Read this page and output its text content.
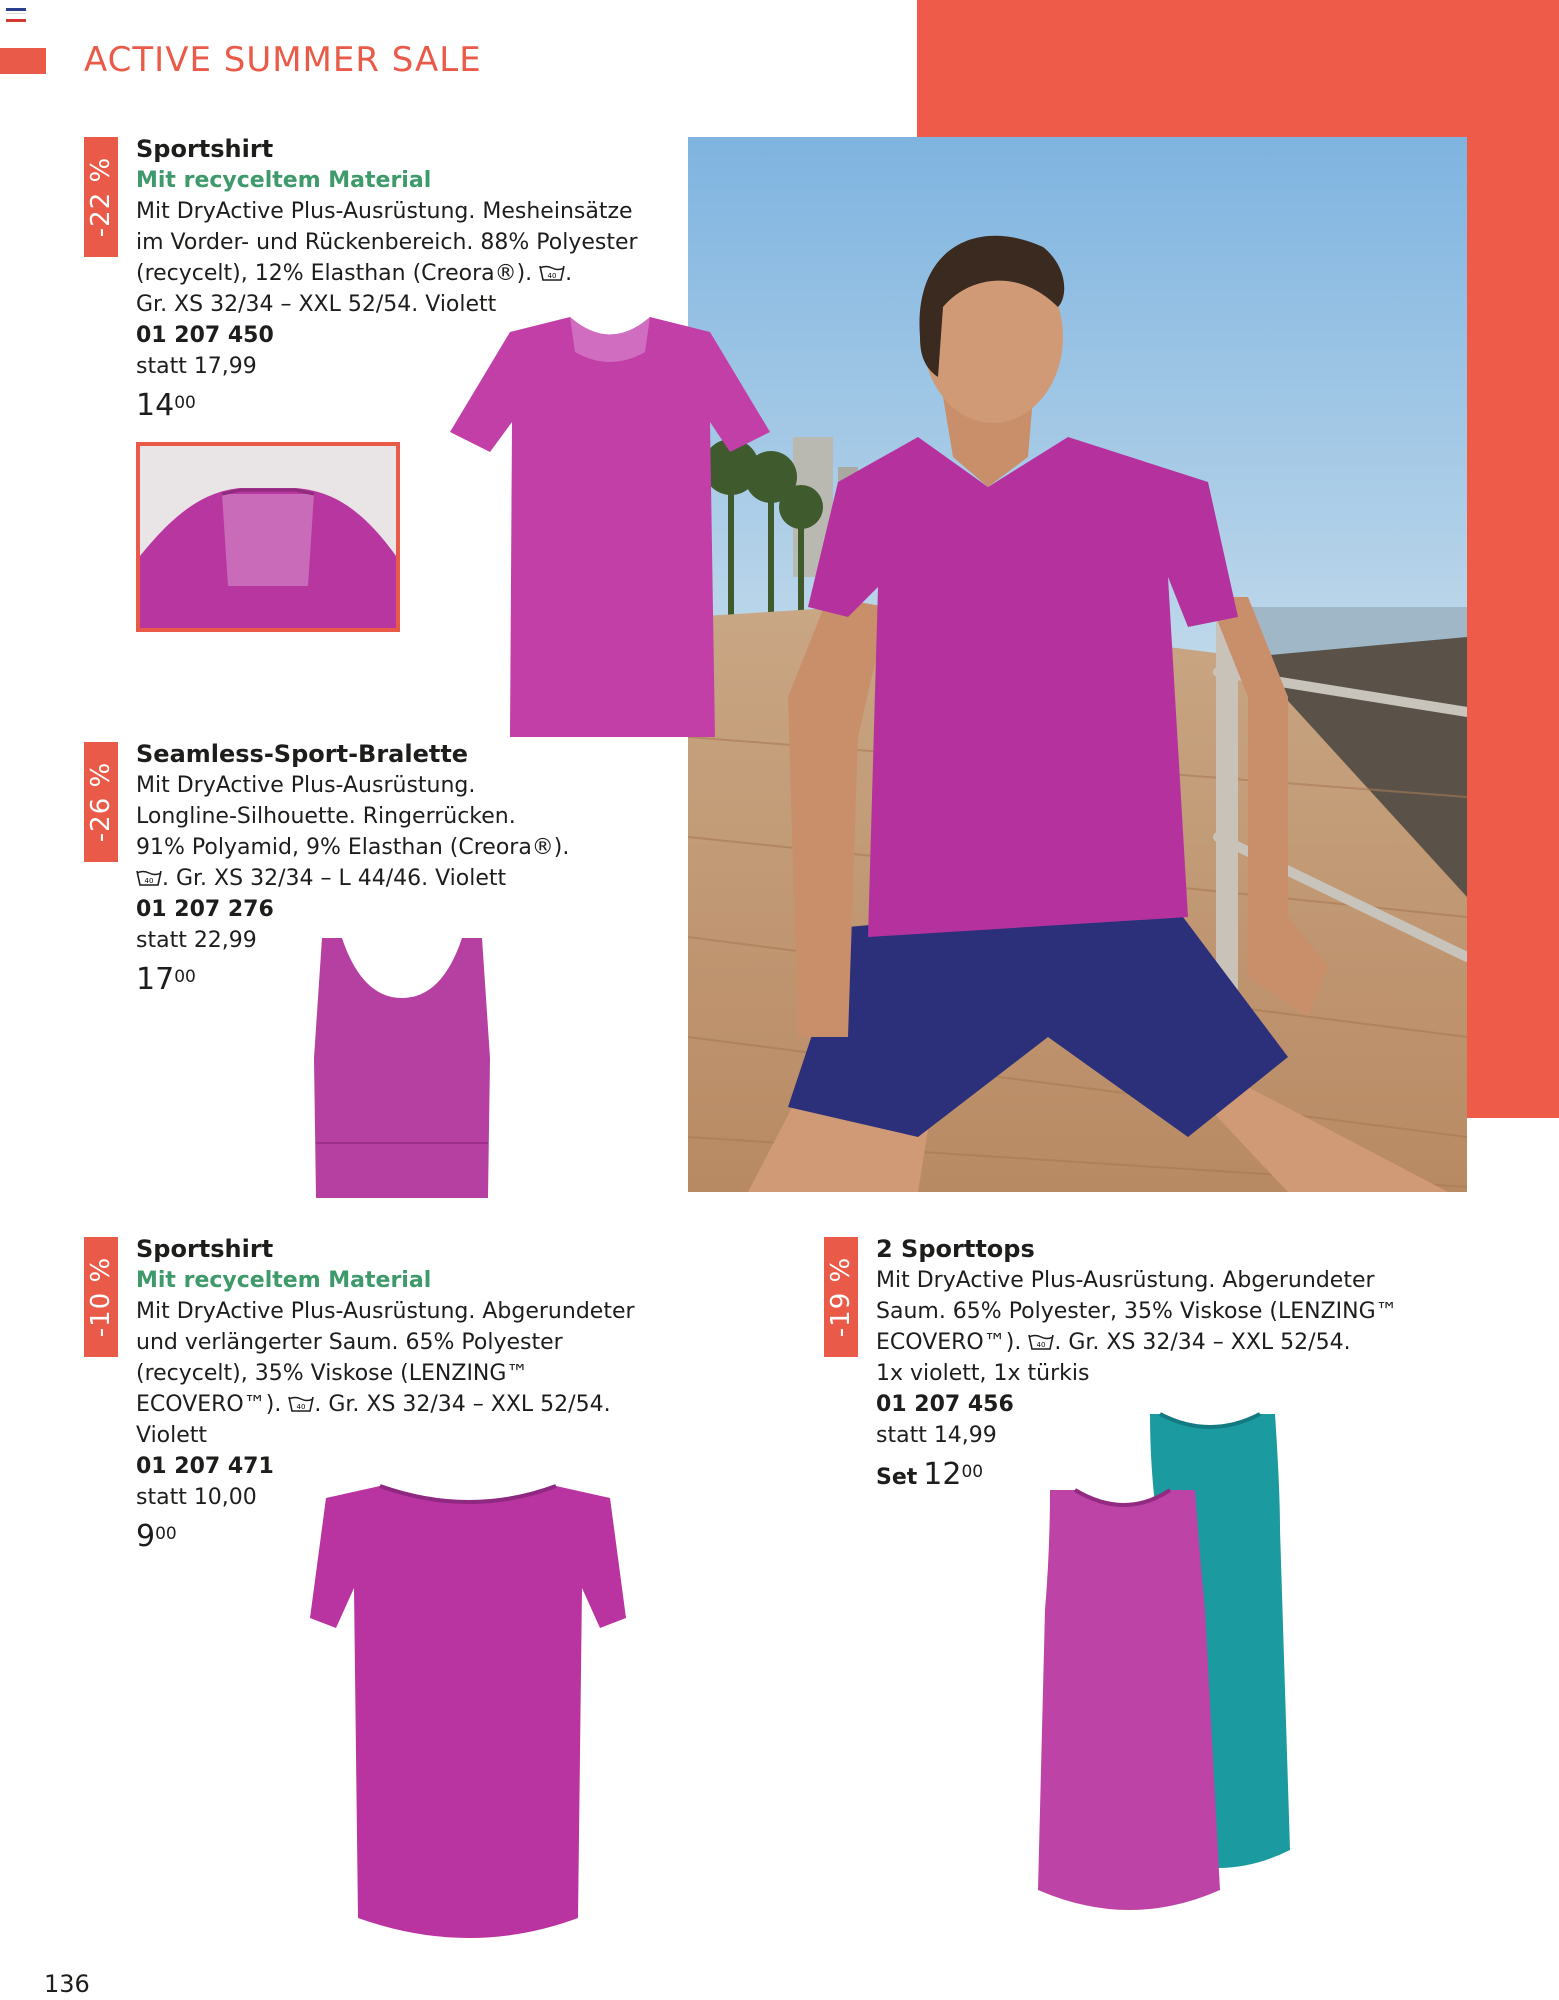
ACTIVE SUMMER SALE
-22 %
Sportshirt
Mit recyceltem Material
Mit DryActive Plus-Ausrüstung. Mesheinsätze
im Vorder- und Rückenbereich. 88% Polyester
(recycelt), 12% Elasthan (Creora®). 40 .
Gr. XS 32/34 – XXL 52/54. Violett
01 207 450
statt 17,99
$14^{00}$
-26 %
Seamless-Sport-Bralette
Mit DryActive Plus-Ausrüstung.
Longline-Silhouette. Ringerrücken.
91% Polyamid, 9% Elasthan (Creora®).
40 . Gr. XS 32/34 – L 44/46. Violett
01 207 276
statt 22,99
$17^{00}$
-10 %
Sportshirt
Mit recyceltem Material
Mit DryActive Plus-Ausrüstung. Abgerundeter
und verlängerter Saum. 65% Polyester
(recycelt), 35% Viskose (LENZING™
ECOVERO™). 40 . Gr. XS 32/34 – XXL 52/54.
Violett
01 207 471
statt 10,00
$9^{00}$
-19 %
2 Sporttops
Mit DryActive Plus-Ausrüstung. Abgerundeter
Saum. 65% Polyester, 35% Viskose (LENZING™
ECOVERO™). 40 . Gr. XS 32/34 – XXL 52/54.
1x violett, 1x türkis
01 207 456
statt 14,99
Set $12^{00}$
136
